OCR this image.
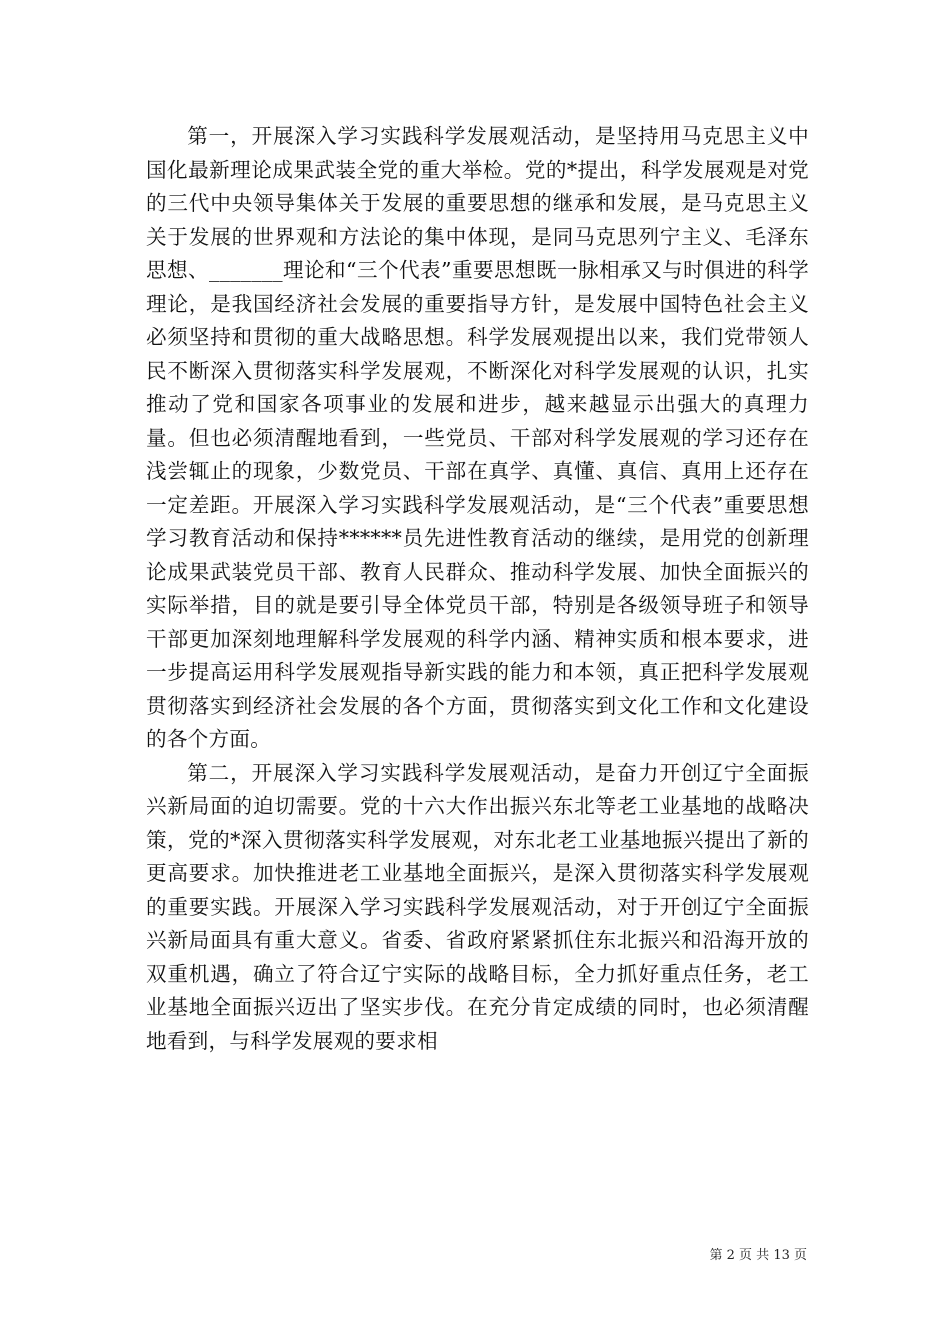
第一，开展深入学习实践科学发展观活动，是坚持用马克思主义中国化最新理论成果武装全党的重大举检。党的*提出，科学发展观是对党的三代中央领导集体关于发展的重要思想的继承和发展，是马克思主义关于发展的世界观和方法论的集中体现，是同马克思列宁主义、毛泽东思想、_______理论和“三个代表”重要思想既一脉相承又与时俱进的科学理论，是我国经济社会发展的重要指导方针，是发展中国特色社会主义必须坚持和贯彻的重大战略思想。科学发展观提出以来，我们党带领人民不断深入贯彻落实科学发展观，不断深化对科学发展观的认识，扎实推动了党和国家各项事业的发展和进步，越来越显示出强大的真理力量。但也必须清醒地看到，一些党员、干部对科学发展观的学习还存在浅尝辄止的现象，少数党员、干部在真学、真懂、真信、真用上还存在一定差距。开展深入学习实践科学发展观活动，是“三个代表”重要思想学习教育活动和保持******员先进性教育活动的继续，是用党的创新理论成果武装党员干部、教育人民群众、推动科学发展、加快全面振兴的实际举措，目的就是要引导全体党员干部，特别是各级领导班子和领导干部更加深刻地理解科学发展观的科学内涵、精神实质和根本要求，进一步提高运用科学发展观指导新实践的能力和本领，真正把科学发展观贯彻落实到经济社会发展的各个方面，贯彻落实到文化工作和文化建设的各个方面。

第二，开展深入学习实践科学发展观活动，是奋力开创辽宁全面振兴新局面的迫切需要。党的十六大作出振兴东北等老工业基地的战略决策，党的*深入贯彻落实科学发展观，对东北老工业基地振兴提出了新的更高要求。加快推进老工业基地全面振兴，是深入贯彻落实科学发展观的重要实践。开展深入学习实践科学发展观活动，对于开创辽宁全面振兴新局面具有重大意义。省委、省政府紧紧抓住东北振兴和沿海开放的双重机遇，确立了符合辽宁实际的战略目标，全力抓好重点任务，老工业基地全面振兴迈出了坚实步伐。在充分肯定成绩的同时，也必须清醒地看到，与科学发展观的要求相

第 2 页 共 13 页
